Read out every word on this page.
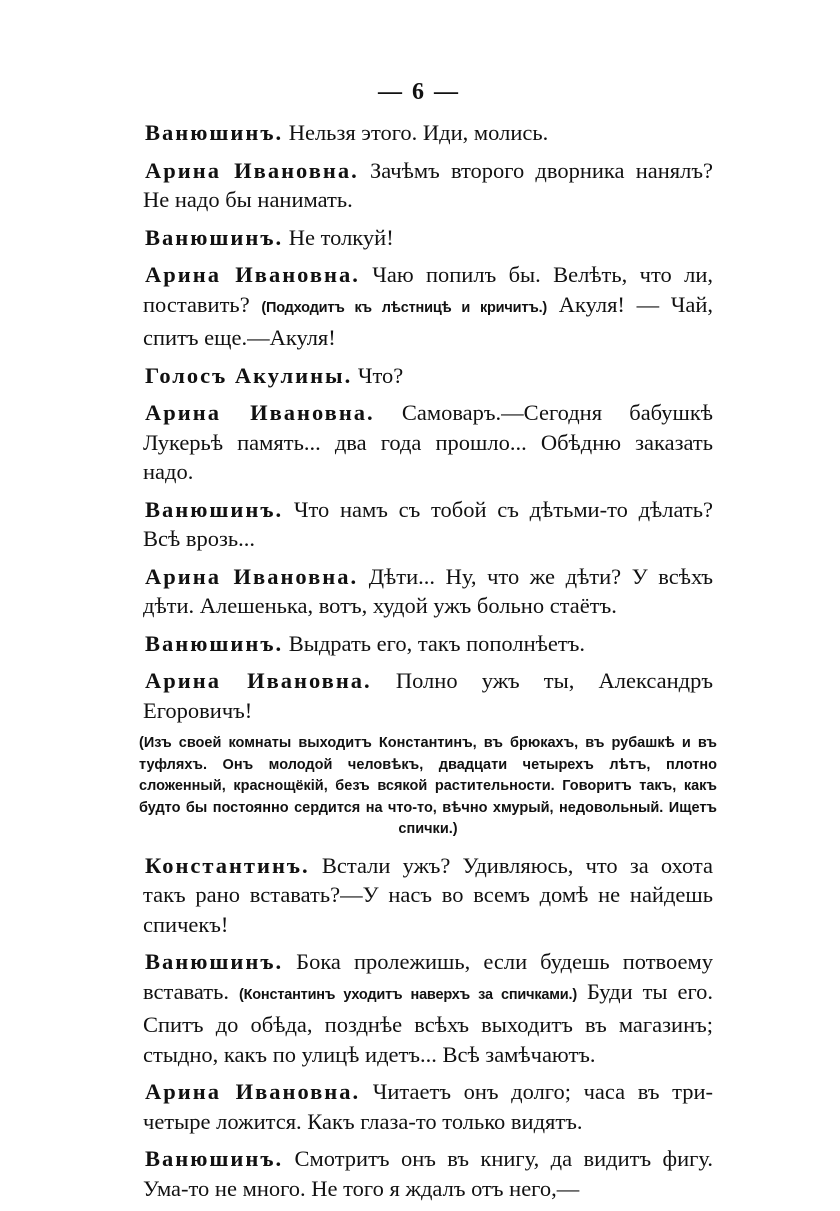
— 6 —
Ванюшинъ. Нельзя этого. Иди, молись.
Арина Ивановна. Зачѣмъ второго дворника нанялъ? Не надо бы нанимать.
Ванюшинъ. Не толкуй!
Арина Ивановна. Чаю попилъ бы. Велѣть, что ли, поставить? (Подходитъ къ лѣстницѣ и кричитъ.) Акуля! — Чай, спитъ еще.—Акуля!
Голосъ Акулины. Что?
Арина Ивановна. Самоваръ.—Сегодня бабушкѣ Лукерьѣ память... два года прошло... Обѣдню заказать надо.
Ванюшинъ. Что намъ съ тобой съ дѣтьми-то дѣлать? Всѣ врозь...
Арина Ивановна. Дѣти... Ну, что же дѣти? У всѣхъ дѣти. Алешенька, вотъ, худой ужъ больно стаётъ.
Ванюшинъ. Выдрать его, такъ пополнѣетъ.
Арина Ивановна. Полно ужъ ты, Александръ Егоровичъ!
(Изъ своей комнаты выходитъ Константинъ, въ брюкахъ, въ рубашкѣ и въ туфляхъ. Онъ молодой человѣкъ, двадцати четырехъ лѣтъ, плотно сложенный, краснощёкій, безъ всякой растительности. Говоритъ такъ, какъ будто бы постоянно сердится на что-то, вѣчно хмурый, недовольный. Ищетъ спички.)
Константинъ. Встали ужъ? Удивляюсь, что за охота такъ рано вставать?—У насъ во всемъ домѣ не найдешь спичекъ!
Ванюшинъ. Бока пролежишь, если будешь потвоему вставать. (Константинъ уходитъ наверхъ за спичками.) Буди ты его. Спитъ до обѣда, позднѣе всѣхъ выходитъ въ магазинъ; стыдно, какъ по улицѣ идетъ... Всѣ замѣчаютъ.
Арина Ивановна. Читаетъ онъ долго; часа въ три-четыре ложится. Какъ глаза-то только видятъ.
Ванюшинъ. Смотритъ онъ въ книгу, да видитъ фигу. Ума-то не много. Не того я ждалъ отъ него,—
